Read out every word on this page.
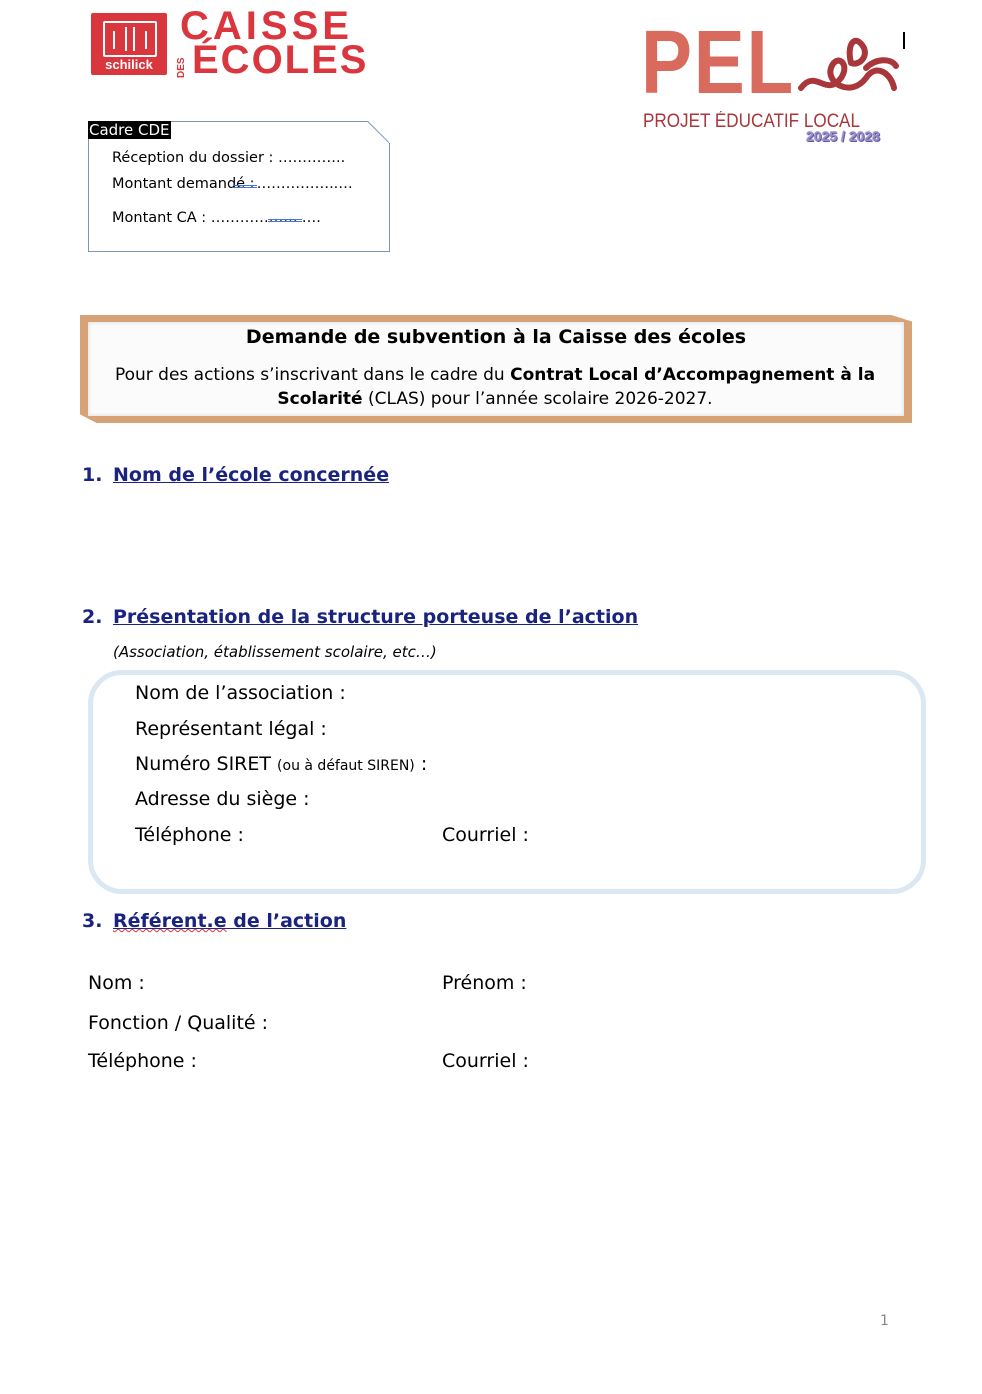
schilick
CAISSE
DES ÉCOLES	PEL
PROJET ÉDUCATIF LOCAL
2025 / 2028
Cadre CDE
Réception du dossier : …………..
Montant demandé : ……………..…
Montant CA : ……………… ….
Demande de subvention à la Caisse des écoles
Pour des actions s’inscrivant dans le cadre du Contrat Local d’Accompagnement à la Scolarité (CLAS) pour l’année scolaire 2026-2027.
1. Nom de l’école concernée
2. Présentation de la structure porteuse de l’action
(Association, établissement scolaire, etc…)
Nom de l’association :
Représentant légal :
Numéro SIRET (ou à défaut SIREN) :
Adresse du siège :
Téléphone :	Courriel :
3. Référent.e de l’action
Nom :	Prénom :
Fonction / Qualité :
Téléphone :	Courriel :
1
